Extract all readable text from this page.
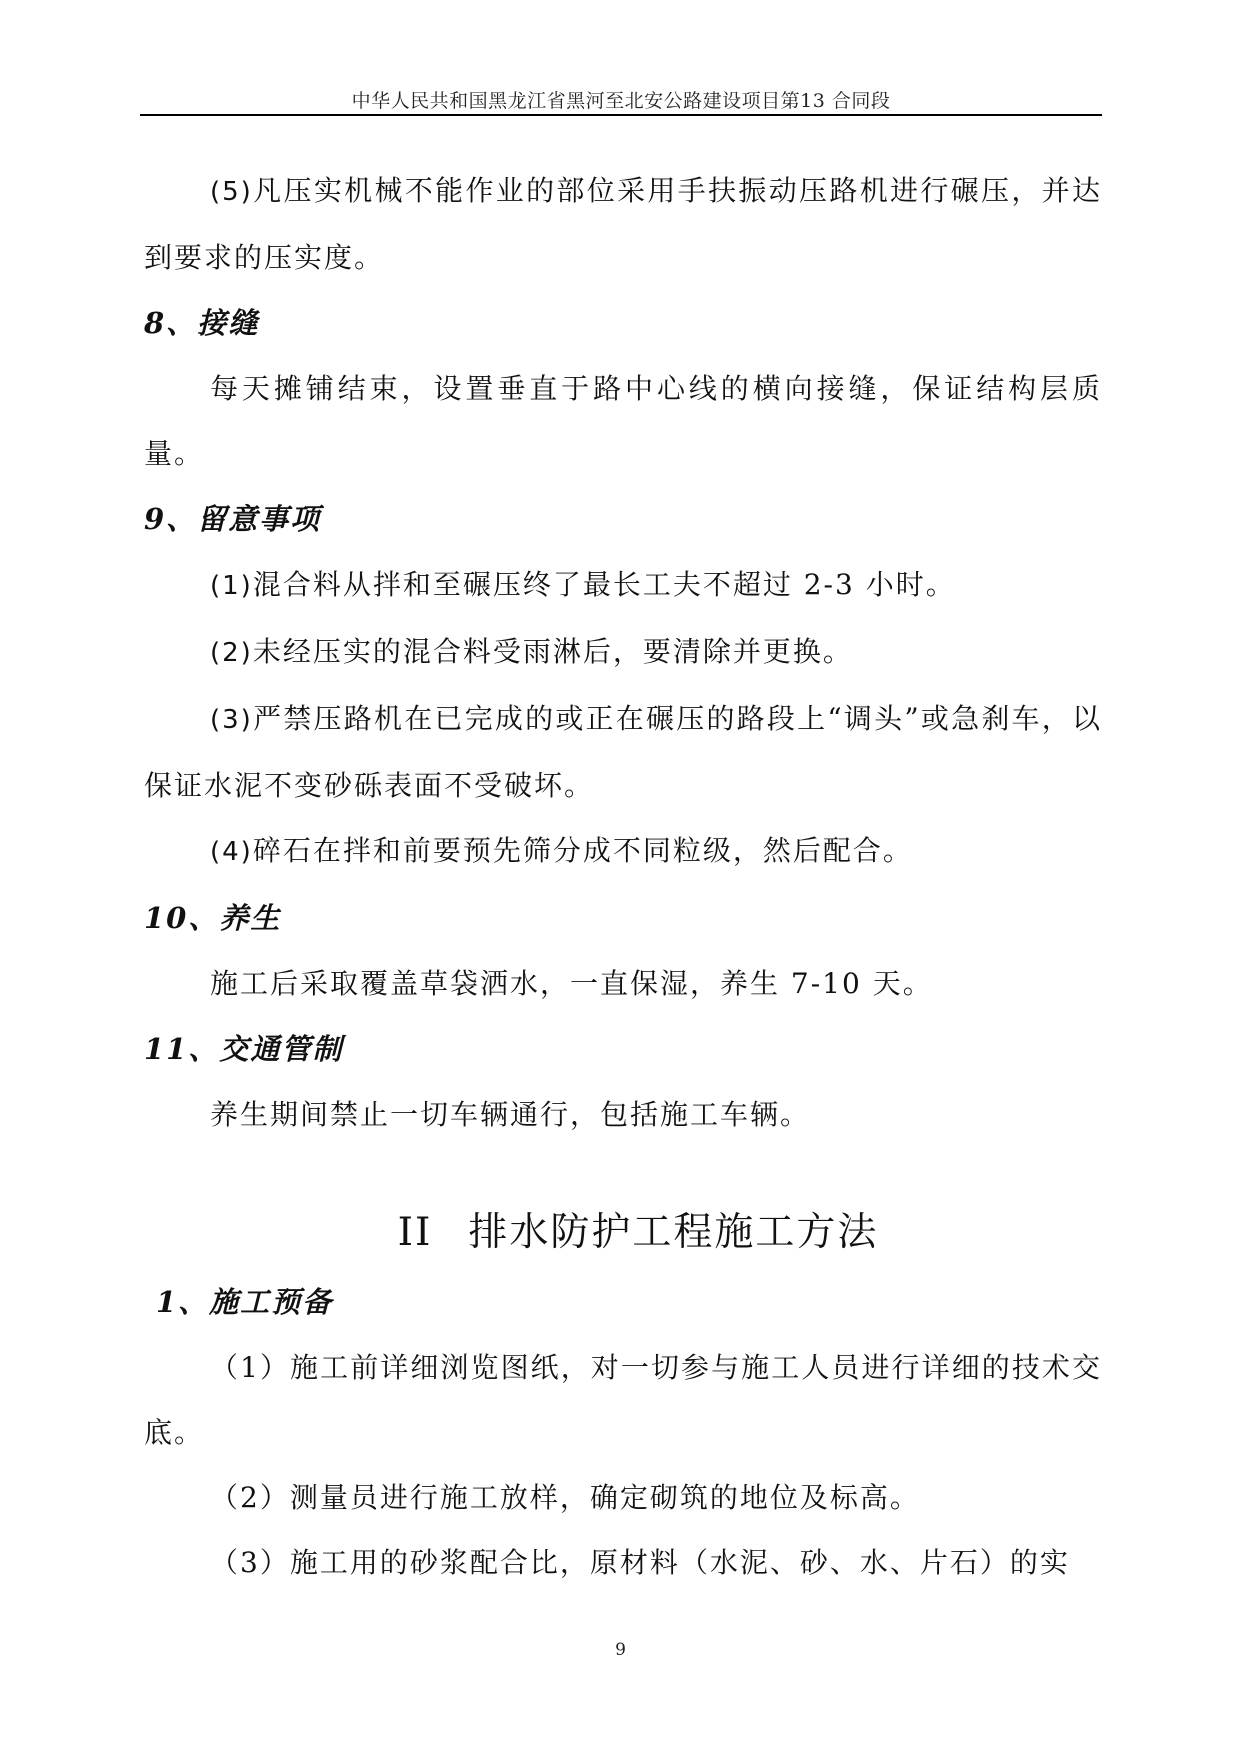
中华人民共和国黑龙江省黑河至北安公路建设项目第13 合同段

(5)凡压实机械不能作业的部位采用手扶振动压路机进行碾压，并达到要求的压实度。

8、接缝

每天摊铺结束，设置垂直于路中心线的横向接缝，保证结构层质量。

9、留意事项

(1)混合料从拌和至碾压终了最长工夫不超过 2-3 小时。

(2)未经压实的混合料受雨淋后，要清除并更换。

(3)严禁压路机在已完成的或正在碾压的路段上“调头”或急刹车，以保证水泥不变砂砾表面不受破坏。

(4)碎石在拌和前要预先筛分成不同粒级，然后配合。

10、养生

施工后采取覆盖草袋洒水，一直保湿，养生 7-10 天。

11、交通管制

养生期间禁止一切车辆通行，包括施工车辆。

II 排水防护工程施工方法
1、施工预备

（1）施工前详细浏览图纸，对一切参与施工人员进行详细的技术交底。

（2）测量员进行施工放样，确定砌筑的地位及标高。

（3）施工用的砂浆配合比，原材料（水泥、砂、水、片石）的实

9
